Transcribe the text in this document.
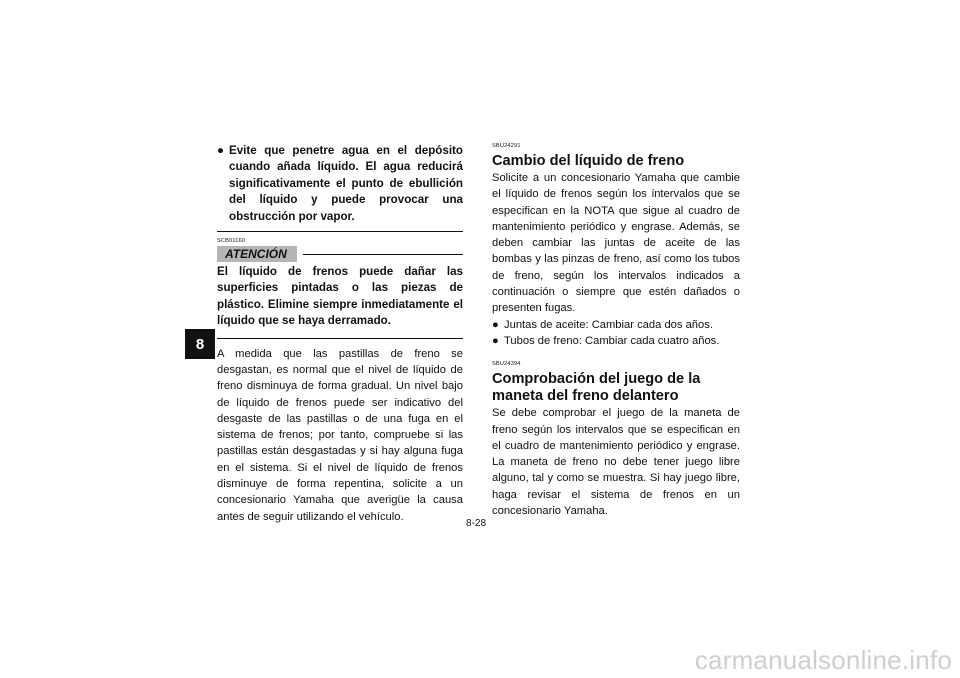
8
● Evite que penetre agua en el depósito cuando añada líquido. El agua reducirá significativamente el punto de ebullición del líquido y puede provocar una obstrucción por vapor.
SCB01160
ATENCIÓN
El líquido de frenos puede dañar las superficies pintadas o las piezas de plástico. Elimine siempre inmediatamente el líquido que se haya derramado.
A medida que las pastillas de freno se desgastan, es normal que el nivel de líquido de freno disminuya de forma gradual. Un nivel bajo de líquido de frenos puede ser indicativo del desgaste de las pastillas o de una fuga en el sistema de frenos; por tanto, compruebe si las pastillas están desgastadas y si hay alguna fuga en el sistema. Si el nivel de líquido de frenos disminuye de forma repentina, solicite a un concesionario Yamaha que averigüe la causa antes de seguir utilizando el vehículo.
SBU24291
Cambio del líquido de freno
Solicite a un concesionario Yamaha que cambie el líquido de frenos según los intervalos que se especifican en la NOTA que sigue al cuadro de mantenimiento periódico y engrase. Además, se deben cambiar las juntas de aceite de las bombas y las pinzas de freno, así como los tubos de freno, según los intervalos indicados a continuación o siempre que estén dañados o presenten fugas.
● Juntas de aceite: Cambiar cada dos años.
● Tubos de freno: Cambiar cada cuatro años.
SBU24394
Comprobación del juego de la maneta del freno delantero
Se debe comprobar el juego de la maneta de freno según los intervalos que se especifican en el cuadro de mantenimiento periódico y engrase. La maneta de freno no debe tener juego libre alguno, tal y como se muestra. Si hay juego libre, haga revisar el sistema de frenos en un concesionario Yamaha.
8-28
carmanualsonline.info
